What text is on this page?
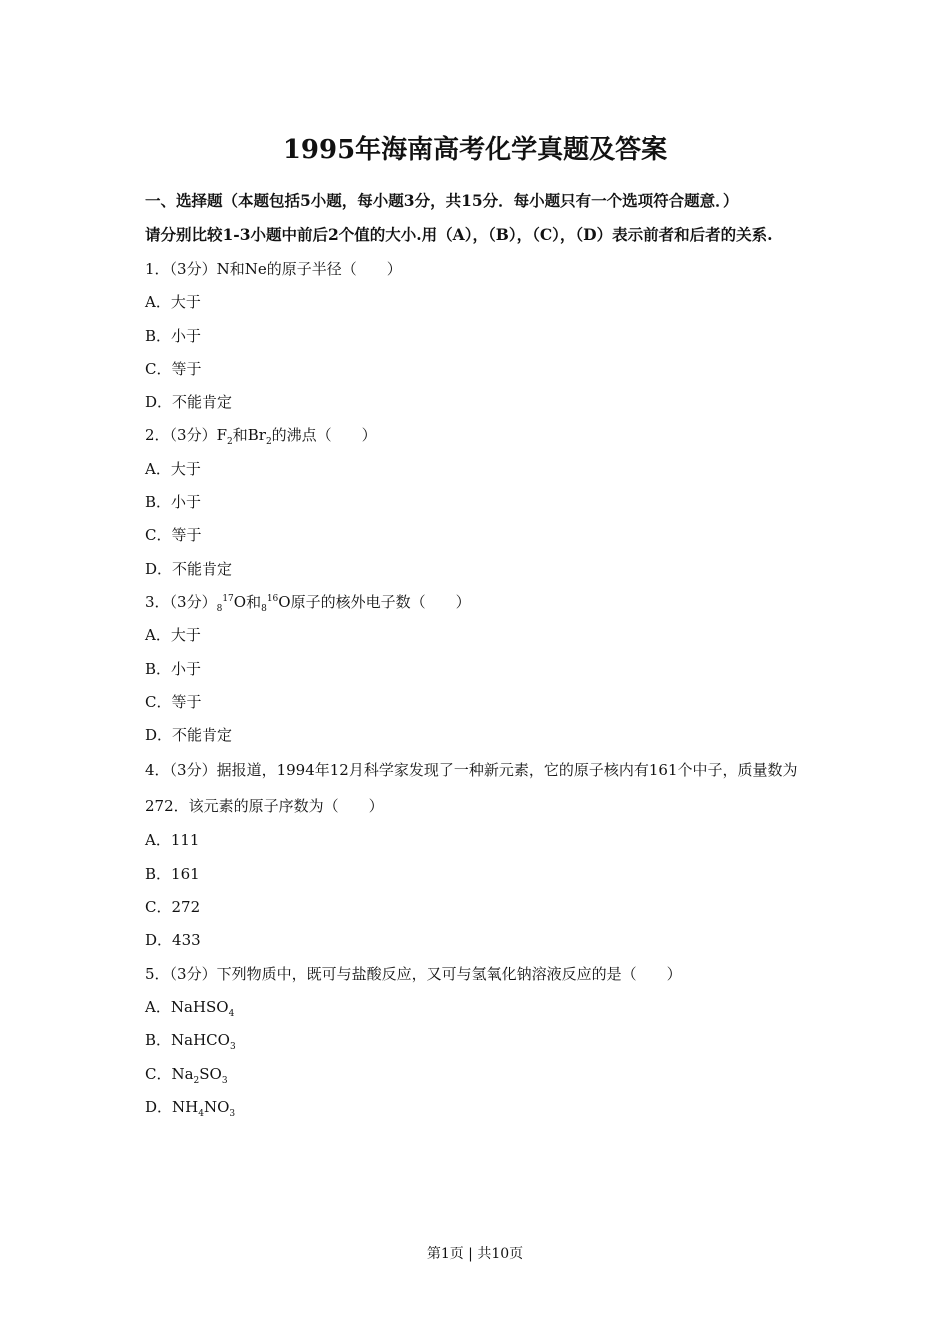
1995年海南高考化学真题及答案

一、选择题（本题包括5小题，每小题3分，共15分．每小题只有一个选项符合题意．）

请分别比较1-3小题中前后2个值的大小.用（A），（B），（C），（D）表示前者和后者的关系.

1．（3分）N和Ne的原子半径（　　）

A．大于

B．小于

C．等于

D．不能肯定

2．（3分）$F_2$和$Br_2$的沸点（　　）

A．大于

B．小于

C．等于

D．不能肯定

3．（3分）$_8^{17}O$和$_8^{16}$O原子的核外电子数（　　）

A．大于

B．小于

C．等于

D．不能肯定

4．（3分）据报道，1994年12月科学家发现了一种新元素，它的原子核内有161个中子，质量数为272．该元素的原子序数为（　　）

A．111

B．161

C．272

D．433

5．（3分）下列物质中，既可与盐酸反应，又可与氢氧化钠溶液反应的是（　　）

A．NaHSO$_4$

B．NaHCO$_3$

C．$Na_2SO_3$

D．$NH_4NO_3$

第1页 | 共10页
